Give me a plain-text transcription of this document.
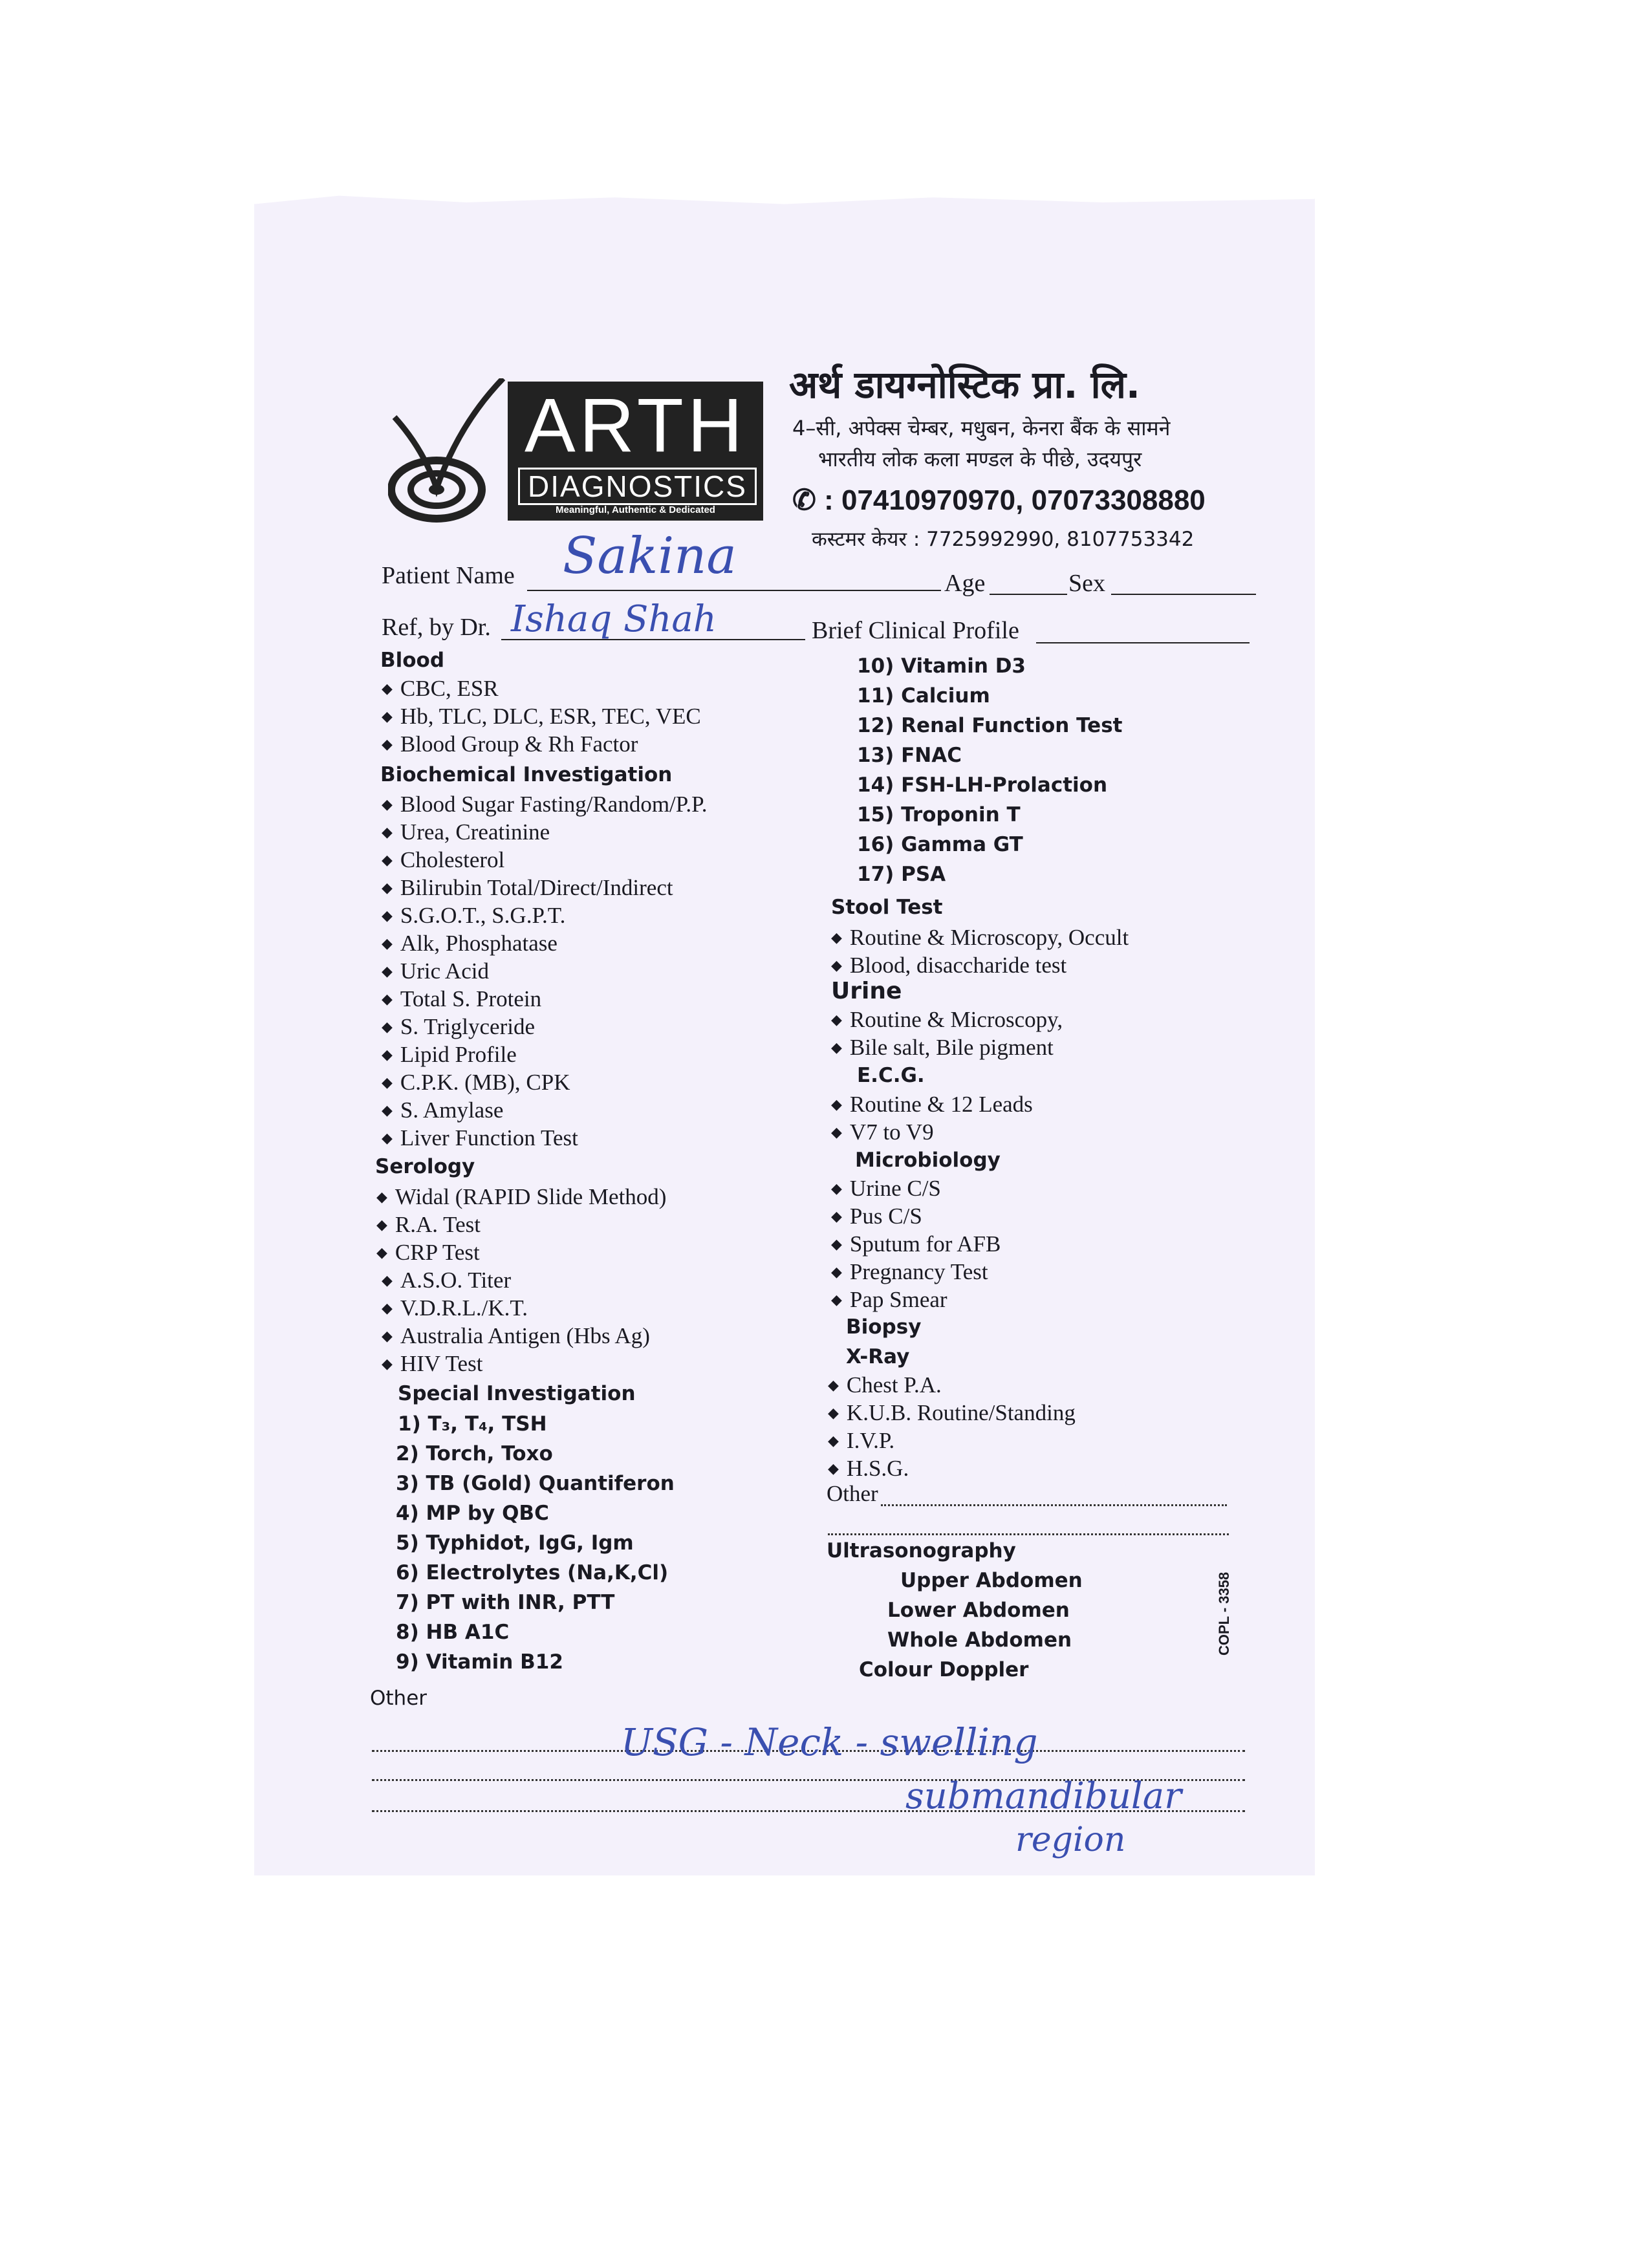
ARTH
DIAGNOSTICS
Meaningful, Authentic & Dedicated
अर्थ डायग्नोस्टिक प्रा. लि.
4–सी, अपेक्स चेम्बर, मधुबन, केनरा बैंक के सामने
भारतीय लोक कला मण्डल के पीछे, उदयपुर
✆ : 07410970970, 07073308880
कस्टमर केयर : 7725992990, 8107753342
Patient Name Sakina	Age	Sex
Ref, by Dr. Ishaq Shah	Brief Clinical Profile
Blood
◆ CBC, ESR
◆ Hb, TLC, DLC, ESR, TEC, VEC
◆ Blood Group & Rh Factor
Biochemical Investigation
◆ Blood Sugar Fasting/Random/P.P.
◆ Urea, Creatinine
◆ Cholesterol
◆ Bilirubin Total/Direct/Indirect
◆ S.G.O.T., S.G.P.T.
◆ Alk, Phosphatase
◆ Uric Acid
◆ Total S. Protein
◆ S. Triglyceride
◆ Lipid Profile
◆ C.P.K. (MB), CPK
◆ S. Amylase
◆ Liver Function Test
Serology
◆ Widal (RAPID Slide Method)
◆ R.A. Test
◆ CRP Test
◆ A.S.O. Titer
◆ V.D.R.L./K.T.
◆ Australia Antigen (Hbs Ag)
◆ HIV Test
Special Investigation
1) T₃, T₄, TSH
2) Torch, Toxo
3) TB (Gold) Quantiferon
4) MP by QBC
5) Typhidot, IgG, Igm
6) Electrolytes (Na,K,Cl)
7) PT with INR, PTT
8) HB A1C
9) Vitamin B12
Other
10) Vitamin D3
11) Calcium
12) Renal Function Test
13) FNAC
14) FSH-LH-Prolaction
15) Troponin T
16) Gamma GT
17) PSA
Stool Test
◆ Routine & Microscopy, Occult
◆ Blood, disaccharide test
Urine
◆ Routine & Microscopy,
◆ Bile salt, Bile pigment
E.C.G.
◆ Routine & 12 Leads
◆ V7 to V9
Microbiology
◆ Urine C/S
◆ Pus C/S
◆ Sputum for AFB
◆ Pregnancy Test
◆ Pap Smear
Biopsy
X-Ray
◆ Chest P.A.
◆ K.U.B. Routine/Standing
◆ I.V.P.
◆ H.S.G.
Other
Ultrasonography
Upper Abdomen
Lower Abdomen
Whole Abdomen
Colour Doppler
COPL - 3358
USG - Neck - swelling
submandibular
region
